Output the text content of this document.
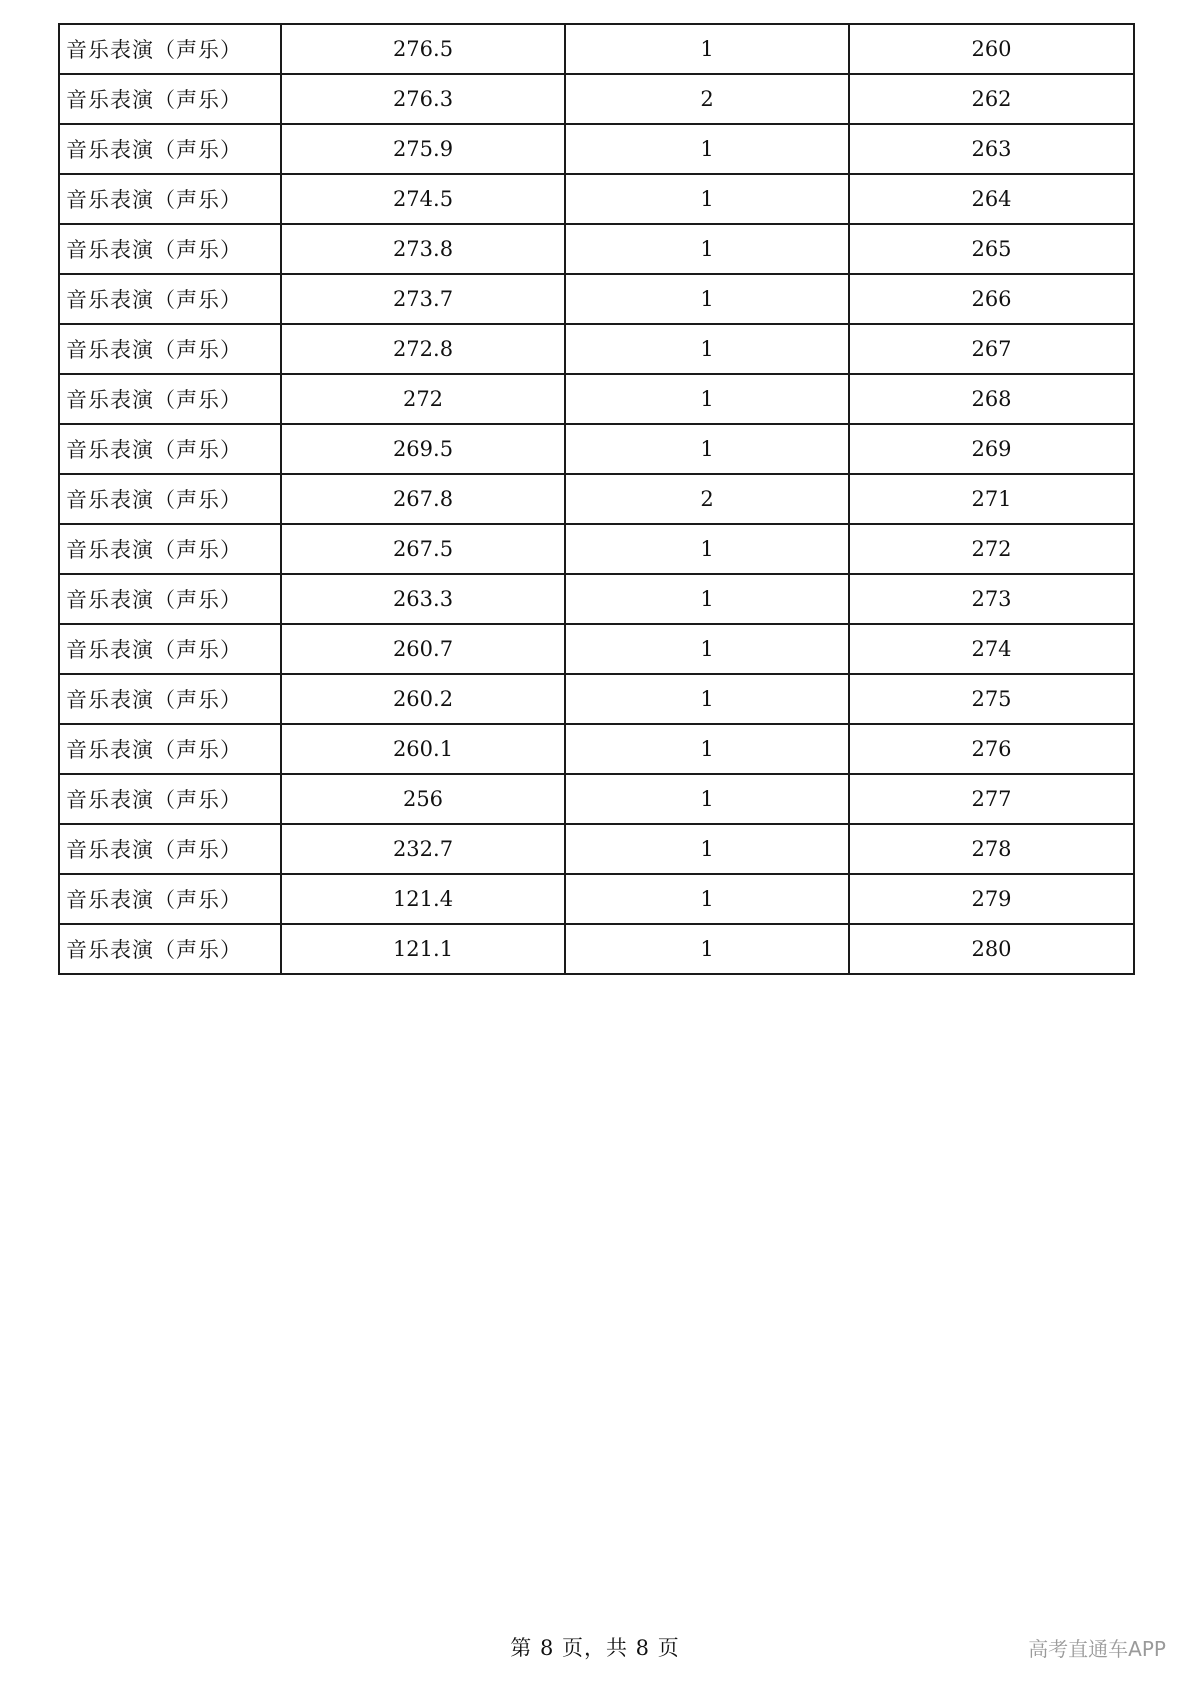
音乐表演（声乐）	276.5	1	260
音乐表演（声乐）	276.3	2	262
音乐表演（声乐）	275.9	1	263
音乐表演（声乐）	274.5	1	264
音乐表演（声乐）	273.8	1	265
音乐表演（声乐）	273.7	1	266
音乐表演（声乐）	272.8	1	267
音乐表演（声乐）	272	1	268
音乐表演（声乐）	269.5	1	269
音乐表演（声乐）	267.8	2	271
音乐表演（声乐）	267.5	1	272
音乐表演（声乐）	263.3	1	273
音乐表演（声乐）	260.7	1	274
音乐表演（声乐）	260.2	1	275
音乐表演（声乐）	260.1	1	276
音乐表演（声乐）	256	1	277
音乐表演（声乐）	232.7	1	278
音乐表演（声乐）	121.4	1	279
音乐表演（声乐）	121.1	1	280
第 8 页，共 8 页	高考直通车APP
